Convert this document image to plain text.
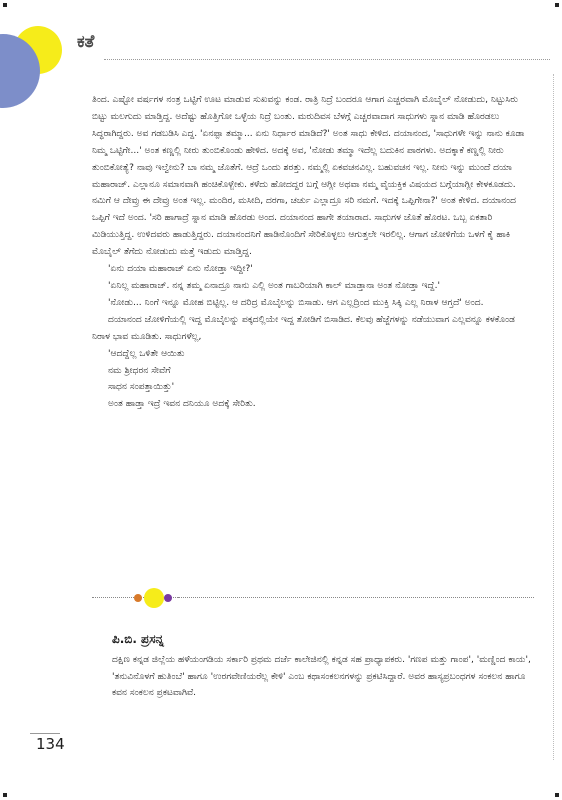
ಕತೆ

ತಿಂದ. ಎಷ್ಟೋ ವರ್ಷಗಳ ನಂತ್ರ ಒಟ್ಟಿಗೆ ಊಟ ಮಾಡುವ ಸುಖವನ್ನು ಕಂಡ. ರಾತ್ರಿ ನಿದ್ರೆ ಬಂದರೂ ಆಗಾಗ ಎಚ್ಚರವಾಗಿ ಮೊಬೈಲ್ ನೋಡುದು, ನಿಟ್ಟುಸಿರು ಬಿಟ್ಟು ಮಲಗುದು ಮಾಡ್ತಿದ್ದ. ಅದೆಷ್ಟು ಹೊತ್ತಿಗೋ ಒಳ್ಳೆಯ ನಿದ್ರೆ ಬಂತು. ಮರುದಿವಸ ಬೆಳಗ್ಗೆ ಎಚ್ಚರವಾದಾಗ ಸಾಧುಗಳು ಸ್ನಾನ ಮಾಡಿ ಹೊರಡಲು ಸಿದ್ಧರಾಗಿದ್ದರು. ಅವ ಗಡಬಡಿಸಿ ಎದ್ದ. 'ಏನಪ್ಪಾ ತಮ್ಮಾ... ಏನು ನಿರ್ಧಾರ ಮಾಡಿದೆ?' ಅಂತ ಸಾಧು ಕೇಳಿದ. ದಯಾನಂದ, 'ಸಾಧುಗಳೇ ಇನ್ನು ನಾನು ಕೂಡಾ ನಿಮ್ಮ ಒಟ್ಟಿಗೇ...' ಅಂತ ಕಣ್ಣಲ್ಲಿ ನೀರು ತುಂಬಿಕೊಂಡು ಹೇಳಿದ. ಅದಕ್ಕೆ ಅವ, 'ನೋಡು ತಮ್ಮಾ ಇದೆಲ್ಲ ಬದುಕಿನ ಪಾಠಗಳು. ಅದಕ್ಕಾಕೆ ಕಣ್ಣಲ್ಲಿ ನೀರು ತುಂಬಿಕೋತ್ಯೆ? ನಾವು ಇಲ್ವೇನು? ಬಾ ನಮ್ಮ ಜೊತೆಗೆ. ಆದ್ರೆ ಒಂದು ಶರತ್ತು. ನಮ್ಮಲ್ಲಿ ಏಕವಚನವಿಲ್ಲ. ಬಹುವಚನ ಇಲ್ಲ. ನೀನು ಇನ್ನು ಮುಂದೆ ದಯಾ ಮಹಾರಾಜ್. ಎಲ್ಲಾನೂ ಸಮಾನವಾಗಿ ಹಂಚಿಕೊಳ್ಬೇಕು. ಕಳೆದು ಹೋದದ್ದರ ಬಗ್ಗೆ ಆಗ್ಲೀ ಅಥವಾ ನಮ್ಮ ವೈಯಕ್ತಿಕ ವಿಷಯದ ಬಗ್ಗೆಯಾಗ್ಲೀ ಕೇಳಕೂಡದು. ನಮಿಗೆ ಆ ದೇವ್ರು ಈ ದೇವ್ರು ಅಂತ ಇಲ್ಲ. ಮಂದಿರ, ಮಸೀದಿ, ದರಗಾ, ಚರ್ಚು ಎಲ್ಲಾದ್ರೂ ಸರಿ ನಮಗೆ. ಇದಕ್ಕೆ ಒಪ್ಪಿಗೇನಾ?' ಅಂತ ಕೇಳಿದ. ದಯಾನಂದ ಒಪ್ಪಿಗೆ ಇದೆ ಅಂದ. 'ಸರಿ ಹಾಗಾದ್ರೆ ಸ್ನಾನ ಮಾಡಿ ಹೊರಡು ಅಂದ. ದಯಾನಂದ ಹಾಗೇ ತಯಾರಾದ. ಸಾಧುಗಳ ಜೊತೆ ಹೊರಟ. ಒಬ್ಬ ಏಕತಾರಿ ಮಿಡಿಯುತ್ತಿದ್ದ. ಉಳಿದವರು ಹಾಡುತ್ತಿದ್ದರು. ದಯಾನಂದನಿಗೆ ಹಾಡಿನೊಂದಿಗೆ ಸೇರಿಕೊಳ್ಳಲು ಆಗುತ್ತಲೇ ಇರಲಿಲ್ಲ. ಆಗಾಗ ಜೋಳಿಗೆಯ ಒಳಗೆ ಕೈ ಹಾಕಿ ಮೊಬೈಲ್ ತೆಗೆದು ನೋಡುದು ಮತ್ತೆ ಇಡುದು ಮಾಡ್ತಿದ್ದ.

'ಏನು ದಯಾ ಮಹಾರಾಜ್ ಏನು ನೋಡ್ತಾ ಇದ್ದೀ?'

'ಏನಿಲ್ಲ ಮಹಾರಾಜ್. ನನ್ನ ತಮ್ಮ ಏನಾದ್ರೂ ನಾನು ಎಲ್ಲಿ ಅಂತ ಗಾಬರಿಯಾಗಿ ಕಾಲ್ ಮಾಡ್ತಾನಾ ಅಂತ ನೋಡ್ತಾ ಇದ್ದೆ.'

'ನೋಡು... ನಿಂಗೆ ಇನ್ನೂ ಮೋಹ ಬಿಟ್ಟಿಲ್ಲ. ಆ ದರಿದ್ರ ಮೊಬೈಲನ್ನು ಬಿಸಾಡು. ಆಗ ಎಲ್ಲದ್ರಿಂದ ಮುಕ್ತಿ ಸಿಕ್ಕಿ ಎಲ್ಲ ನಿರಾಳ ಆಗ್ತದೆ' ಅಂದ.

ದಯಾನಂದ ಜೋಳಿಗೆಯಲ್ಲಿ ಇದ್ದ ಮೊಬೈಲನ್ನು ಪಕ್ಕದಲ್ಲಿಯೇ ಇದ್ದ ತೋಡಿಗೆ ಬಿಸಾಡಿದ. ಕೆಲವು ಹೆಜ್ಜೆಗಳನ್ನು ನಡೆಯುವಾಗ ಎಲ್ಲವನ್ನೂ ಕಳಕೊಂಡ ನಿರಾಳ ಭಾವ ಮೂಡಿತು. ಸಾಧುಗಳೆಲ್ಲ,

'ಆದದ್ದೆಲ್ಲ ಒಳಿತೇ ಆಯಿತು

ನಮ ಶ್ರೀಧರನ ಸೇವೆಗೆ

ಸಾಧನ ಸಂಪತ್ತಾಯಿತ್ತು'

ಅಂತ ಹಾಡ್ತಾ ಇದ್ರೆ ಇವನ ದನಿಯೂ ಅದಕ್ಕೆ ಸೇರಿತು.

ಪಿ.ಬಿ. ಪ್ರಸನ್ನ
ದಕ್ಷಿಣ ಕನ್ನಡ ಜಿಲ್ಲೆಯ ಹಳೆಯಂಗಡಿಯ ಸರ್ಕಾರಿ ಪ್ರಥಮ ದರ್ಜೆ ಕಾಲೇಜಿನಲ್ಲಿ ಕನ್ನಡ ಸಹ ಪ್ರಾಧ್ಯಾಪಕರು. 'ಗಣಪ ಮತ್ತು ಗಾಂಪ', 'ಮಣ್ಣಿಂದ ಕಾಯ', 'ತನುವಿನೊಳಗೆ ಹುತಿಂಬೆ' ಹಾಗೂ 'ಉರಗವೇಣಿಯರೆಲ್ಲ ಕೇಳಿ' ಎಂಬ ಕಥಾಸಂಕಲನಗಳನ್ನು ಪ್ರಕಟಿಸಿದ್ದಾರೆ. ಅವರ ಹಾಸ್ಯಪ್ರಬಂಧಗಳ ಸಂಕಲನ ಹಾಗೂ ಕವನ ಸಂಕಲನ ಪ್ರಕಟವಾಗಿವೆ.
134
